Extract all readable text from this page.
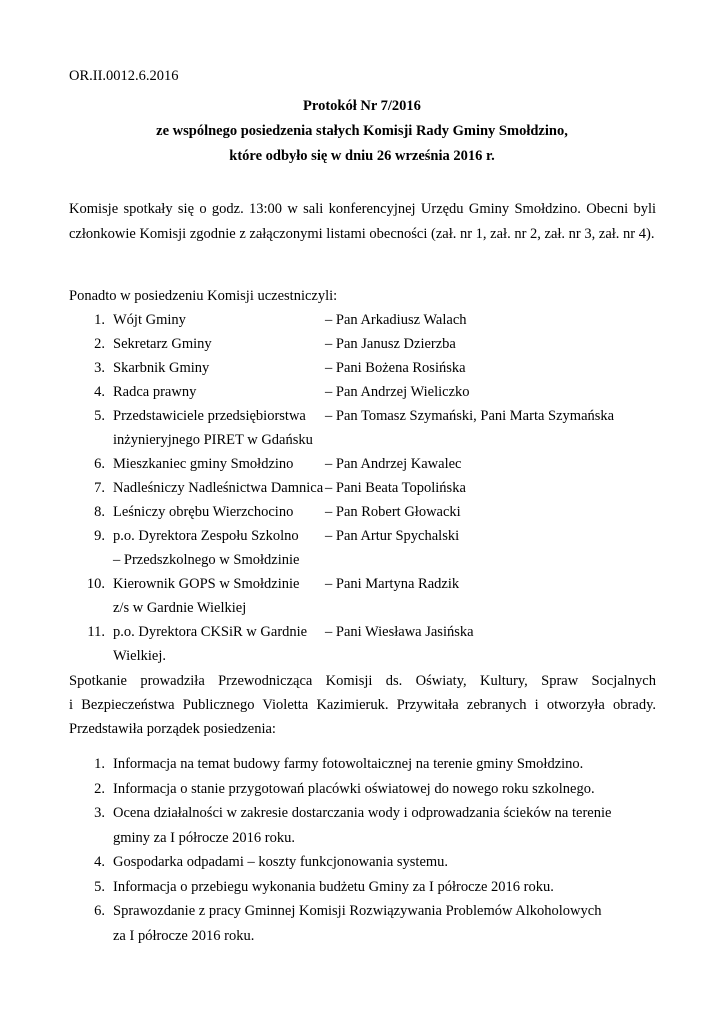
OR.II.0012.6.2016
Protokół Nr 7/2016
ze wspólnego posiedzenia stałych Komisji Rady Gminy Smołdzino,
które odbyło się w dniu 26 września 2016 r.
Komisje spotkały się o godz. 13:00 w sali konferencyjnej Urzędu Gminy Smołdzino. Obecni byli członkowie Komisji zgodnie z załączonymi listami obecności (zał. nr 1, zał. nr 2, zał. nr 3, zał. nr 4).
Ponadto w posiedzeniu Komisji uczestniczyli:
1. Wójt Gminy	– Pan Arkadiusz Walach
2. Sekretarz Gminy	– Pan Janusz Dzierzba
3. Skarbnik Gminy	– Pani Bożena Rosińska
4. Radca prawny	– Pan Andrzej Wieliczko
5. Przedstawiciele przedsiębiorstwa
inżynieryjnego PIRET w Gdańsku
– Pan Tomasz Szymański, Pani Marta Szymańska
6. Mieszkaniec gminy Smołdzino	– Pan Andrzej Kawalec
7. Nadleśniczy Nadleśnictwa Damnica – Pani Beata Topolińska
8. Leśniczy obrębu Wierzchocino	– Pan Robert Głowacki
9. p.o. Dyrektora Zespołu Szkolno
– Przedszkolnego w Smołdzinie
– Pan Artur Spychalski
10. Kierownik GOPS w Smołdzinie
z/s w Gardnie Wielkiej
– Pani Martyna Radzik
11. p.o. Dyrektora CKSiR w Gardnie
Wielkiej.
– Pani Wiesława Jasińska
Spotkanie prowadziła Przewodnicząca Komisji ds. Oświaty, Kultury, Spraw Socjalnych
i Bezpieczeństwa Publicznego Violetta Kazimieruk. Przywitała zebranych i otworzyła obrady.
Przedstawiła porządek posiedzenia:
1. Informacja na temat budowy farmy fotowoltaicznej na terenie gminy Smołdzino.
2. Informacja o stanie przygotowań placówki oświatowej do nowego roku szkolnego.
3. Ocena działalności w zakresie dostarczania wody i odprowadzania ścieków na terenie
gminy za I półrocze 2016 roku.
4. Gospodarka odpadami – koszty funkcjonowania systemu.
5. Informacja o przebiegu wykonania budżetu Gminy za I półrocze 2016 roku.
6. Sprawozdanie z pracy Gminnej Komisji Rozwiązywania Problemów Alkoholowych
za I półrocze 2016 roku.
